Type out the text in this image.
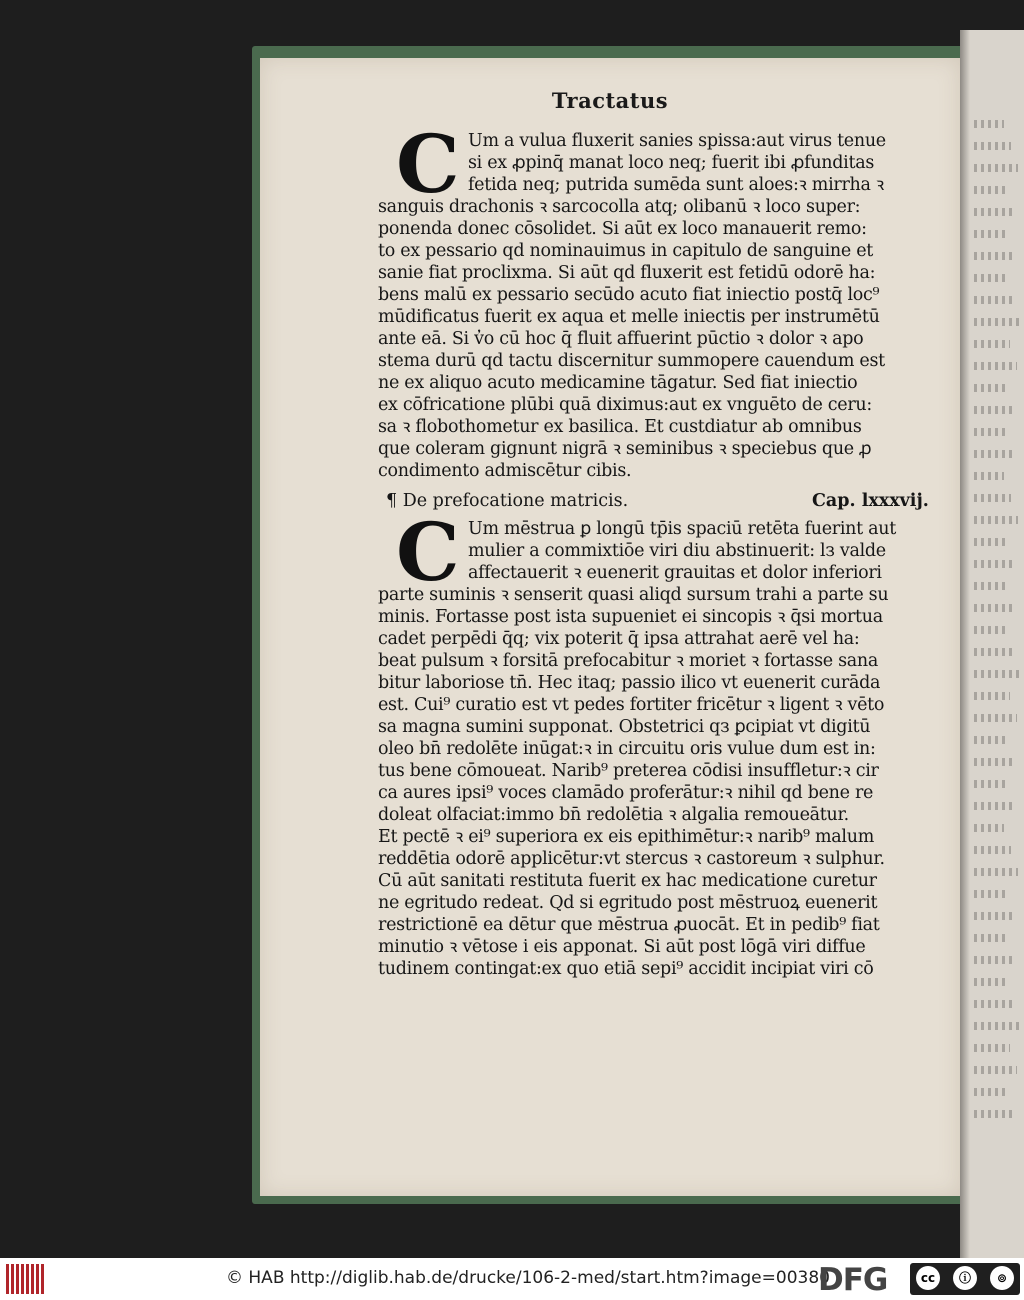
Tractatus
C Um a vulua fluxerit sanies spissa:aut virus tenue
si ex ꝓpinq̄ manat loco neq; fuerit ibi ꝓfunditas
fetida neq; putrida sumēda sunt aloes:ꝛ mirrha ꝛ
sanguis drachonis ꝛ sarcocolla atq; olibanū ꝛ loco super:
ponenda donec cōsolidet. Si aūt ex loco manauerit remo:
to ex pessario qd̄ nominauimus in capitulo de sanguine et
sanie fiat proclixma. Si aūt qd̄ fluxerit est fetidū odorē ha:
bens malū ex pessario secūdo acuto fiat iniectio postq̄ loc⁹
mūdificatus fuerit ex aqua et melle iniectis per instrumētū
ante eā. Si v̓o cū hoc q̄ fluit affuerint pūctio ꝛ dolor ꝛ apo
stema durū qd̄ tactu discernitur summopere cauendum est
ne ex aliquo acuto medicamine tāgatur. Sed fiat iniectio
ex cōfricatione plūbi quā diximus:aut ex vnguēto de ceru:
sa ꝛ flobothometur ex basilica. Et custdiatur ab omnibus
que coleram gignunt nigrā ꝛ seminibus ꝛ speciebus que ꝓ
condimento admiscētur cibis.
¶ De prefocatione matricis.	Cap. lxxxvij.
C Um mēstrua ꝑ longū tp̄is spaciū retēta fuerint aut
mulier a commixtiōe viri diu abstinuerit: lз valde
affectauerit ꝛ euenerit grauitas et dolor inferiori
parte suminis ꝛ senserit quasi aliqd̄ sursum trahi a parte su
minis. Fortasse post ista supueniet ei sincopis ꝛ q̄si mortua
cadet perpēdi q̄q; vix poterit q̄ ipsa attrahat aerē vel ha:
beat pulsum ꝛ forsitā prefocabitur ꝛ moriet ꝛ fortasse sana
bitur laboriose tn̄. Hec itaq; passio ilico vt euenerit curāda
est. Cui⁹ curatio est vt pedes fortiter fricētur ꝛ ligent ꝛ vēto
sa magna sumini supponat. Obstetrici qз ꝑcipiat vt digitū
oleo bn̄ redolēte inūgat:ꝛ in circuitu oris vulue dum est in:
tus bene cōmoueat. Narib⁹ preterea cōdisi insuffletur:ꝛ cir
ca aures ipsi⁹ voces clamādo proferātur:ꝛ nihil qd̄ bene re
doleat olfaciat:immo bn̄ redolētia ꝛ algalia remoueātur.
Et pectē ꝛ ei⁹ superiora ex eis epithimētur:ꝛ narib⁹ malum
reddētia odorē applicētur:vt stercus ꝛ castoreum ꝛ sulphur.
Cū aūt sanitati restituta fuerit ex hac medicatione curetur
ne egritudo redeat. Qd̄ si egritudo post mēstruoꝝ euenerit
restrictionē ea dētur que mēstrua ꝓuocāt. Et in pedib⁹ fiat
minutio ꝛ vētose i eis apponat. Si aūt post lōgā viri diffue
tudinem contingat:ex quo etiā sepi⁹ accidit incipiat viri cō
© HAB http://diglib.hab.de/drucke/106-2-med/start.htm?image=00380
DFG	cc	ⓘ	⊚
